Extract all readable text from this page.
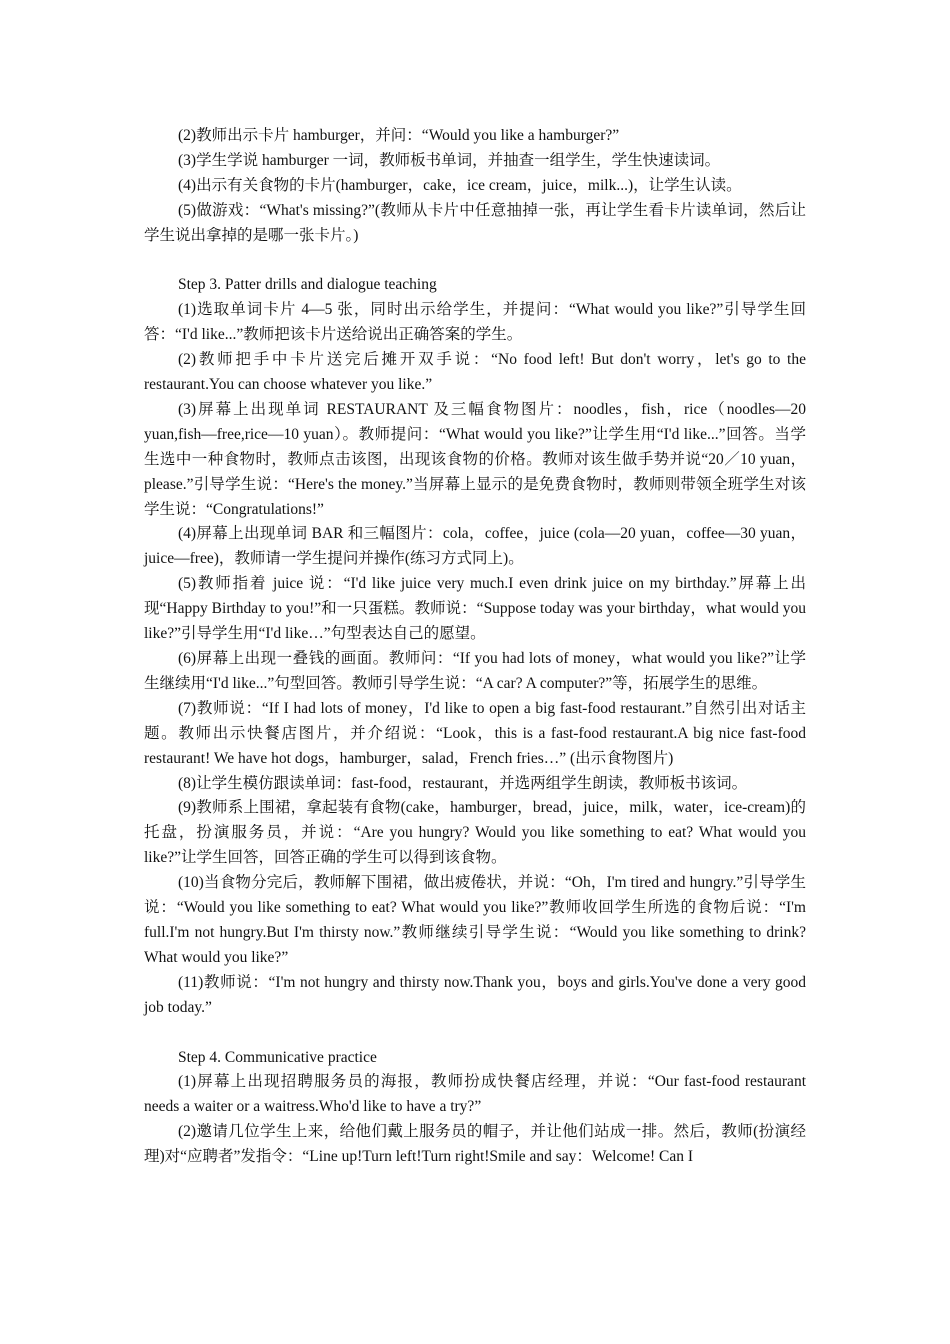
(2)教师出示卡片 hamburger，并问：“Would you like a hamburger?”

(3)学生学说 hamburger 一词，教师板书单词，并抽查一组学生，学生快速读词。

(4)出示有关食物的卡片(hamburger，cake，ice cream，juice，milk...)，让学生认读。

(5)做游戏：“What's missing?”(教师从卡片中任意抽掉一张，再让学生看卡片读单词，然后让学生说出拿掉的是哪一张卡片。)

Step 3. Patter drills and dialogue teaching

(1)选取单词卡片 4—5 张，同时出示给学生，并提问：“What would you like?”引导学生回答：“I'd like...”教师把该卡片送给说出正确答案的学生。

(2)教师把手中卡片送完后摊开双手说：“No food left! But don't worry，let's go to the restaurant.You can choose whatever you like.”

(3)屏幕上出现单词 RESTAURANT 及三幅食物图片：noodles，fish，rice（noodles—20 yuan,fish—free,rice—10 yuan）。教师提问：“What would you like?”让学生用“I'd like...”回答。当学生选中一种食物时，教师点击该图，出现该食物的价格。教师对该生做手势并说“20／10 yuan，please.”引导学生说：“Here's the money.”当屏幕上显示的是免费食物时，教师则带领全班学生对该学生说：“Congratulations!”

(4)屏幕上出现单词 BAR 和三幅图片：cola，coffee，juice (cola—20 yuan，coffee—30 yuan，juice—free)，教师请一学生提问并操作(练习方式同上)。

(5)教师指着 juice 说：“I'd like juice very much.I even drink juice on my birthday.”屏幕上出现“Happy Birthday to you!”和一只蛋糕。教师说：“Suppose today was your birthday，what would you like?”引导学生用“I'd like…”句型表达自己的愿望。

(6)屏幕上出现一叠钱的画面。教师问：“If you had lots of money，what would you like?”让学生继续用“I'd like...”句型回答。教师引导学生说：“A car? A computer?”等，拓展学生的思维。

(7)教师说：“If I had lots of money，I'd like to open a big fast-food restaurant.”自然引出对话主题。教师出示快餐店图片，并介绍说：“Look，this is a fast-food restaurant.A big nice fast-food restaurant! We have hot dogs，hamburger，salad，French fries…” (出示食物图片)

(8)让学生模仿跟读单词：fast-food，restaurant，并选两组学生朗读，教师板书该词。

(9)教师系上围裙，拿起装有食物(cake，hamburger，bread，juice，milk，water，ice-cream)的托盘，扮演服务员，并说：“Are you hungry? Would you like something to eat? What would you like?”让学生回答，回答正确的学生可以得到该食物。

(10)当食物分完后，教师解下围裙，做出疲倦状，并说：“Oh，I'm tired and hungry.”引导学生说：“Would you like something to eat? What would you like?”教师收回学生所选的食物后说：“I'm full.I'm not hungry.But I'm thirsty now.”教师继续引导学生说：“Would you like something to drink? What would you like?”

(11)教师说：“I'm not hungry and thirsty now.Thank you，boys and girls.You've done a very good job today.”

Step 4. Communicative practice

(1)屏幕上出现招聘服务员的海报，教师扮成快餐店经理，并说：“Our fast-food restaurant needs a waiter or a waitress.Who'd like to have a try?”

(2)邀请几位学生上来，给他们戴上服务员的帽子，并让他们站成一排。然后，教师(扮演经理)对“应聘者”发指令：“Line up!Turn left!Turn right!Smile and say：Welcome! Can I
